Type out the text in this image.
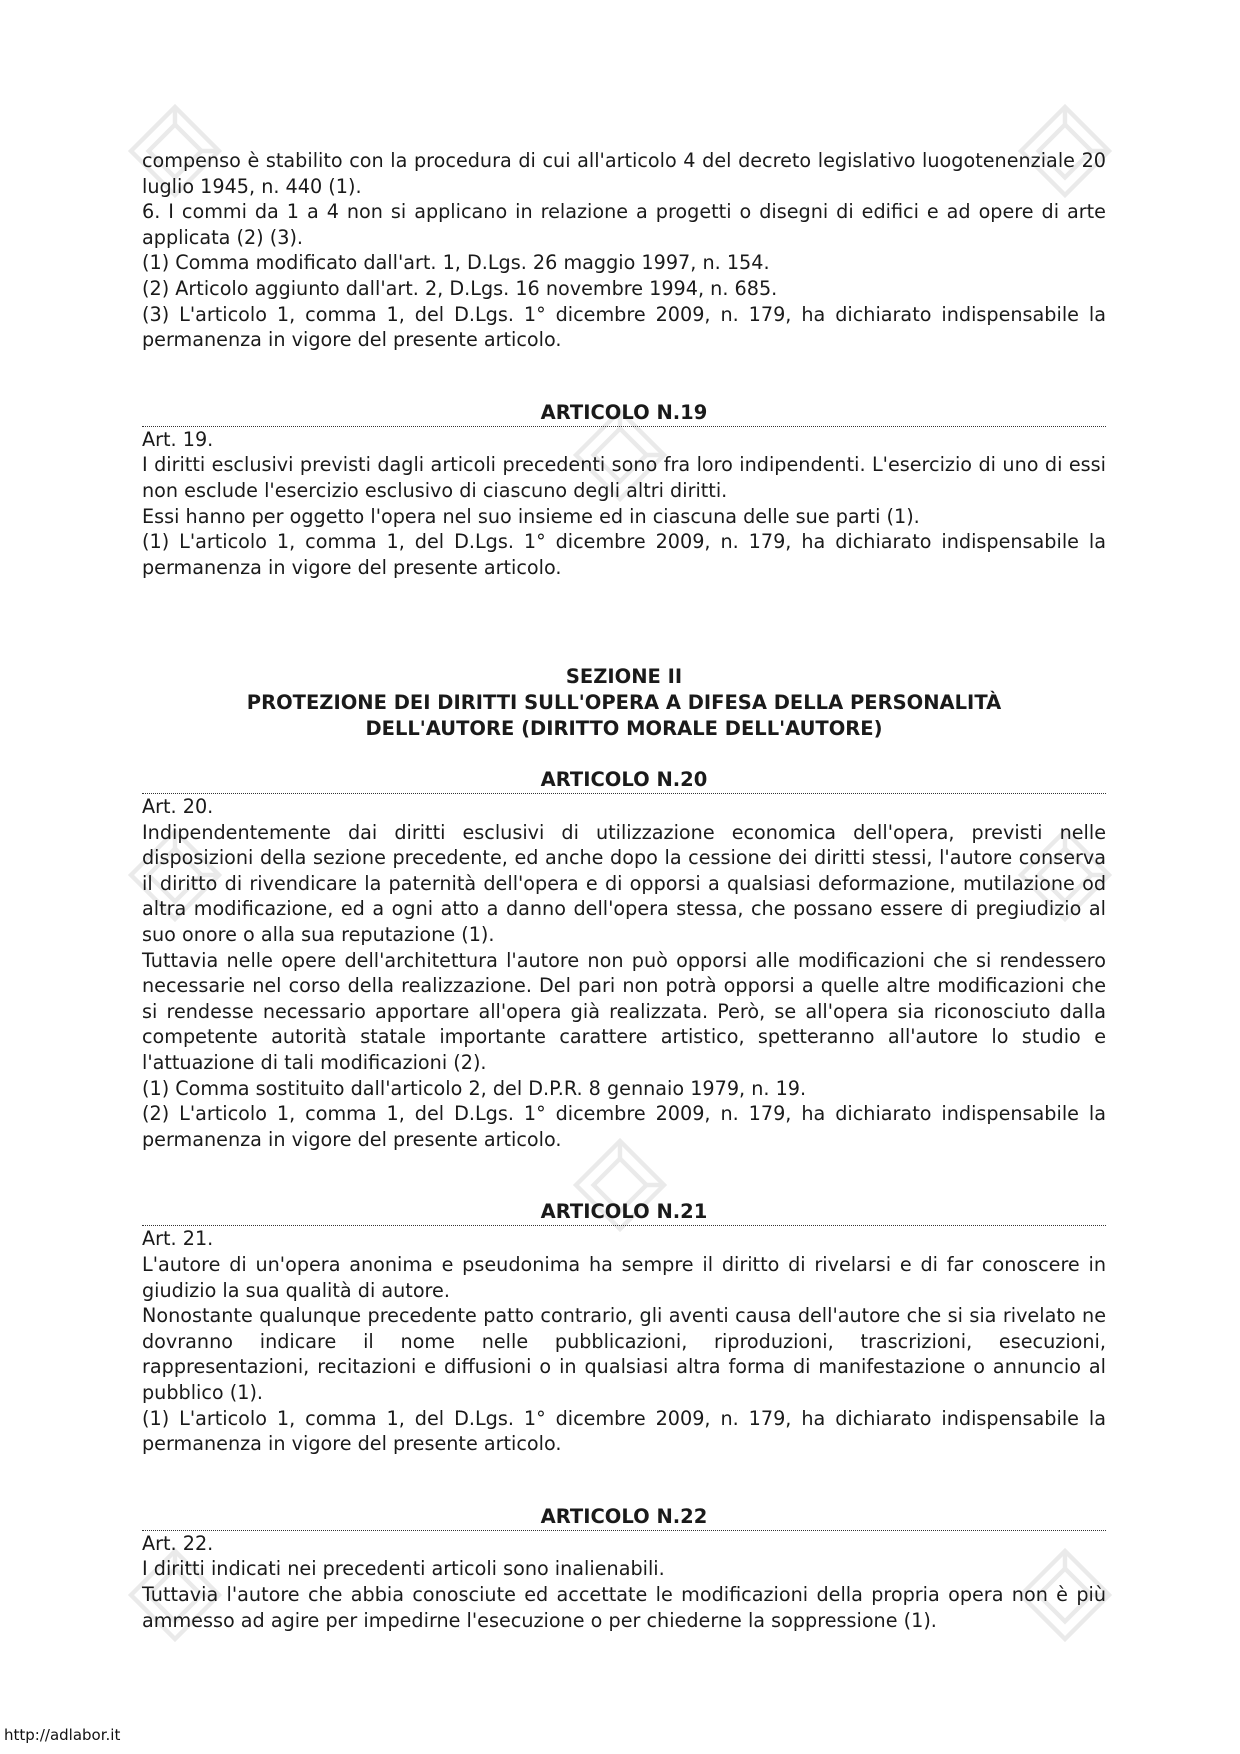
compenso è stabilito con la procedura di cui all'articolo 4 del decreto legislativo luogotenenziale 20 luglio 1945, n. 440 (1).

6. I commi da 1 a 4 non si applicano in relazione a progetti o disegni di edifici e ad opere di arte applicata (2) (3).

(1) Comma modificato dall'art. 1, D.Lgs. 26 maggio 1997, n. 154.

(2) Articolo aggiunto dall'art. 2, D.Lgs. 16 novembre 1994, n. 685.

(3) L'articolo 1, comma 1, del D.Lgs. 1° dicembre 2009, n. 179, ha dichiarato indispensabile la permanenza in vigore del presente articolo.

ARTICOLO N.19

Art. 19.

I diritti esclusivi previsti dagli articoli precedenti sono fra loro indipendenti. L'esercizio di uno di essi non esclude l'esercizio esclusivo di ciascuno degli altri diritti.

Essi hanno per oggetto l'opera nel suo insieme ed in ciascuna delle sue parti (1).

(1) L'articolo 1, comma 1, del D.Lgs. 1° dicembre 2009, n. 179, ha dichiarato indispensabile la permanenza in vigore del presente articolo.

SEZIONE II
PROTEZIONE DEI DIRITTI SULL'OPERA A DIFESA DELLA PERSONALITÀ
DELL'AUTORE (DIRITTO MORALE DELL'AUTORE)
ARTICOLO N.20

Art. 20.

Indipendentemente dai diritti esclusivi di utilizzazione economica dell'opera, previsti nelle disposizioni della sezione precedente, ed anche dopo la cessione dei diritti stessi, l'autore conserva il diritto di rivendicare la paternità dell'opera e di opporsi a qualsiasi deformazione, mutilazione od altra modificazione, ed a ogni atto a danno dell'opera stessa, che possano essere di pregiudizio al suo onore o alla sua reputazione (1).

Tuttavia nelle opere dell'architettura l'autore non può opporsi alle modificazioni che si rendessero necessarie nel corso della realizzazione. Del pari non potrà opporsi a quelle altre modificazioni che si rendesse necessario apportare all'opera già realizzata. Però, se all'opera sia riconosciuto dalla competente autorità statale importante carattere artistico, spetteranno all'autore lo studio e l'attuazione di tali modificazioni (2).

(1) Comma sostituito dall'articolo 2, del D.P.R. 8 gennaio 1979, n. 19.

(2) L'articolo 1, comma 1, del D.Lgs. 1° dicembre 2009, n. 179, ha dichiarato indispensabile la permanenza in vigore del presente articolo.

ARTICOLO N.21

Art. 21.

L'autore di un'opera anonima e pseudonima ha sempre il diritto di rivelarsi e di far conoscere in giudizio la sua qualità di autore.

Nonostante qualunque precedente patto contrario, gli aventi causa dell'autore che si sia rivelato ne dovranno indicare il nome nelle pubblicazioni, riproduzioni, trascrizioni, esecuzioni, rappresentazioni, recitazioni e diffusioni o in qualsiasi altra forma di manifestazione o annuncio al pubblico (1).

(1) L'articolo 1, comma 1, del D.Lgs. 1° dicembre 2009, n. 179, ha dichiarato indispensabile la permanenza in vigore del presente articolo.

ARTICOLO N.22

Art. 22.

I diritti indicati nei precedenti articoli sono inalienabili.

Tuttavia l'autore che abbia conosciute ed accettate le modificazioni della propria opera non è più ammesso ad agire per impedirne l'esecuzione o per chiederne la soppressione (1).

http://adlabor.it
